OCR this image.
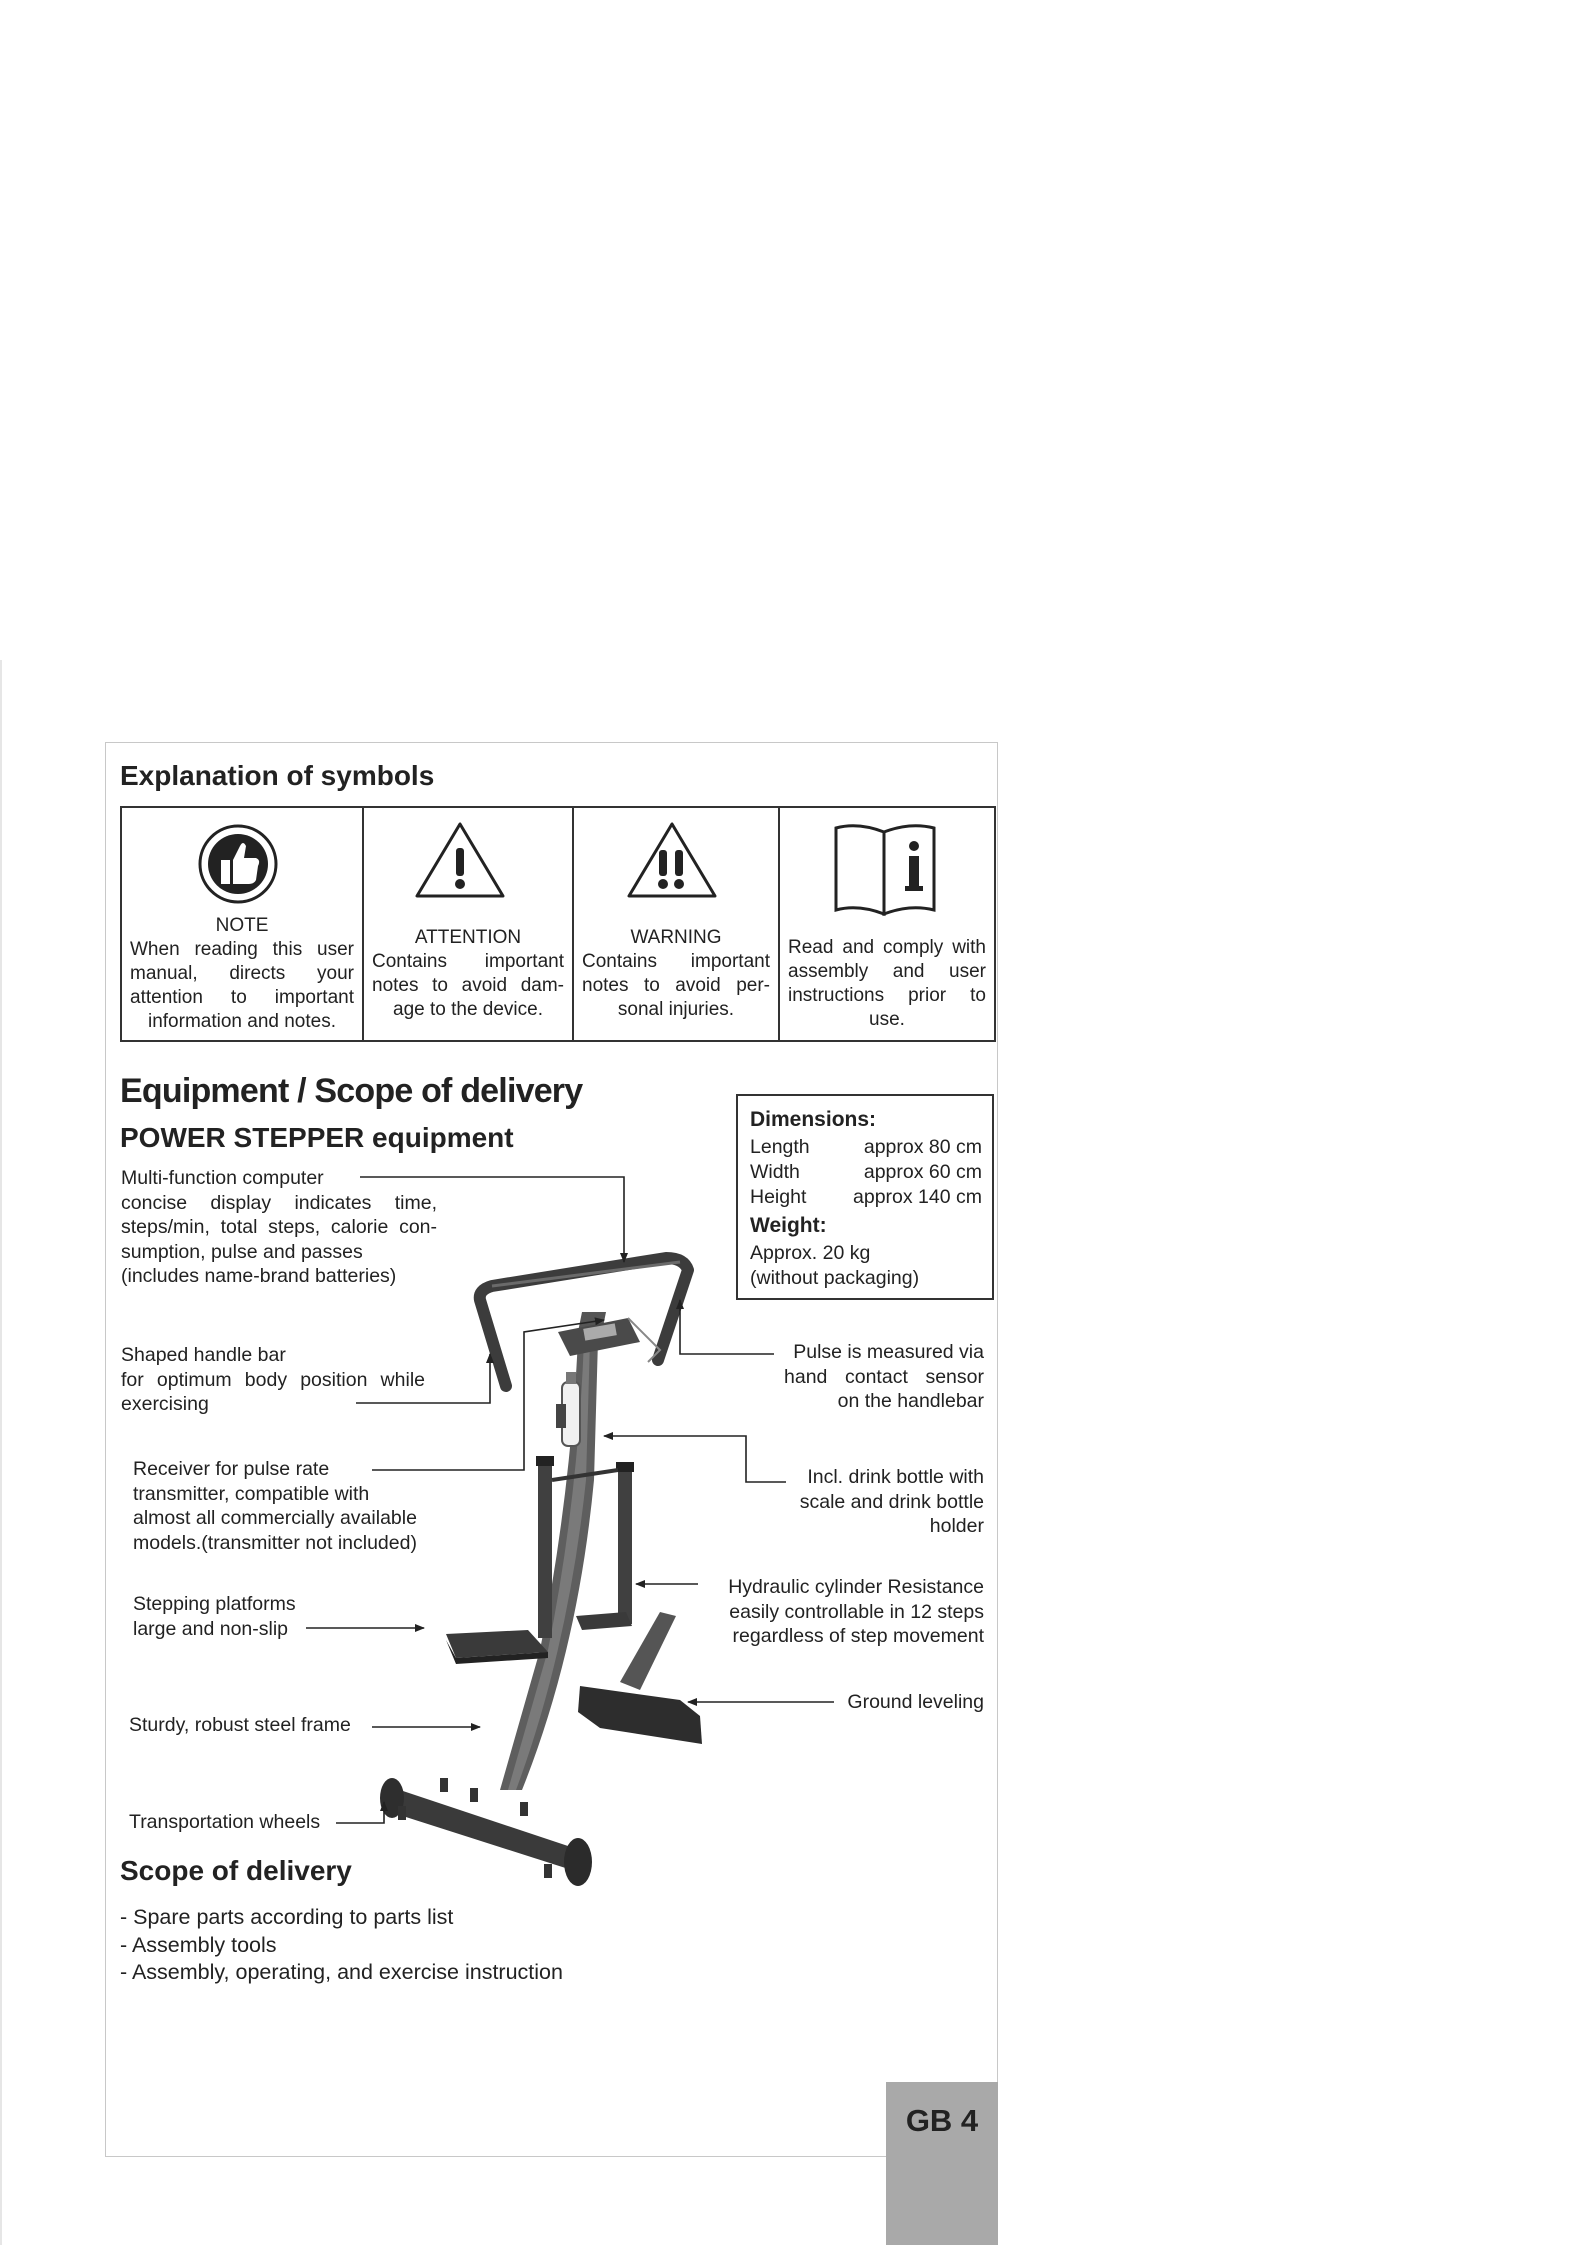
Explanation of symbols
NOTE
When reading this user manual, directs your attention to important information and notes.
ATTENTION
Contains important notes to avoid dam-age to the device.
WARNING
Contains important notes to avoid per-sonal injuries.
Read and comply with assembly and user instructions prior to use.
Equipment / Scope of delivery
POWER STEPPER equipment
Dimensions:
Length	approx 80 cm
Width	approx 60 cm
Height approx 140 cm
Weight:
Approx. 20 kg
(without packaging)
Multi-function computer
concise display indicates time,
steps/min, total steps, calorie con-
sumption, pulse and passes
(includes name-brand batteries)
Shaped handle bar
for optimum body position while
exercising
Receiver for pulse rate
transmitter, compatible with
almost all commercially available
models.(transmitter not included)
Stepping platforms
large and non-slip
Sturdy, robust steel frame
Transportation wheels
Pulse is measured via
hand contact sensor
on the handlebar
Incl. drink bottle with
scale and drink bottle
holder
Hydraulic cylinder Resistance
easily controllable in 12 steps
regardless of step movement
Ground leveling
Scope of delivery
- Spare parts according to parts list
- Assembly tools
- Assembly, operating, and exercise instruction
GB 4
